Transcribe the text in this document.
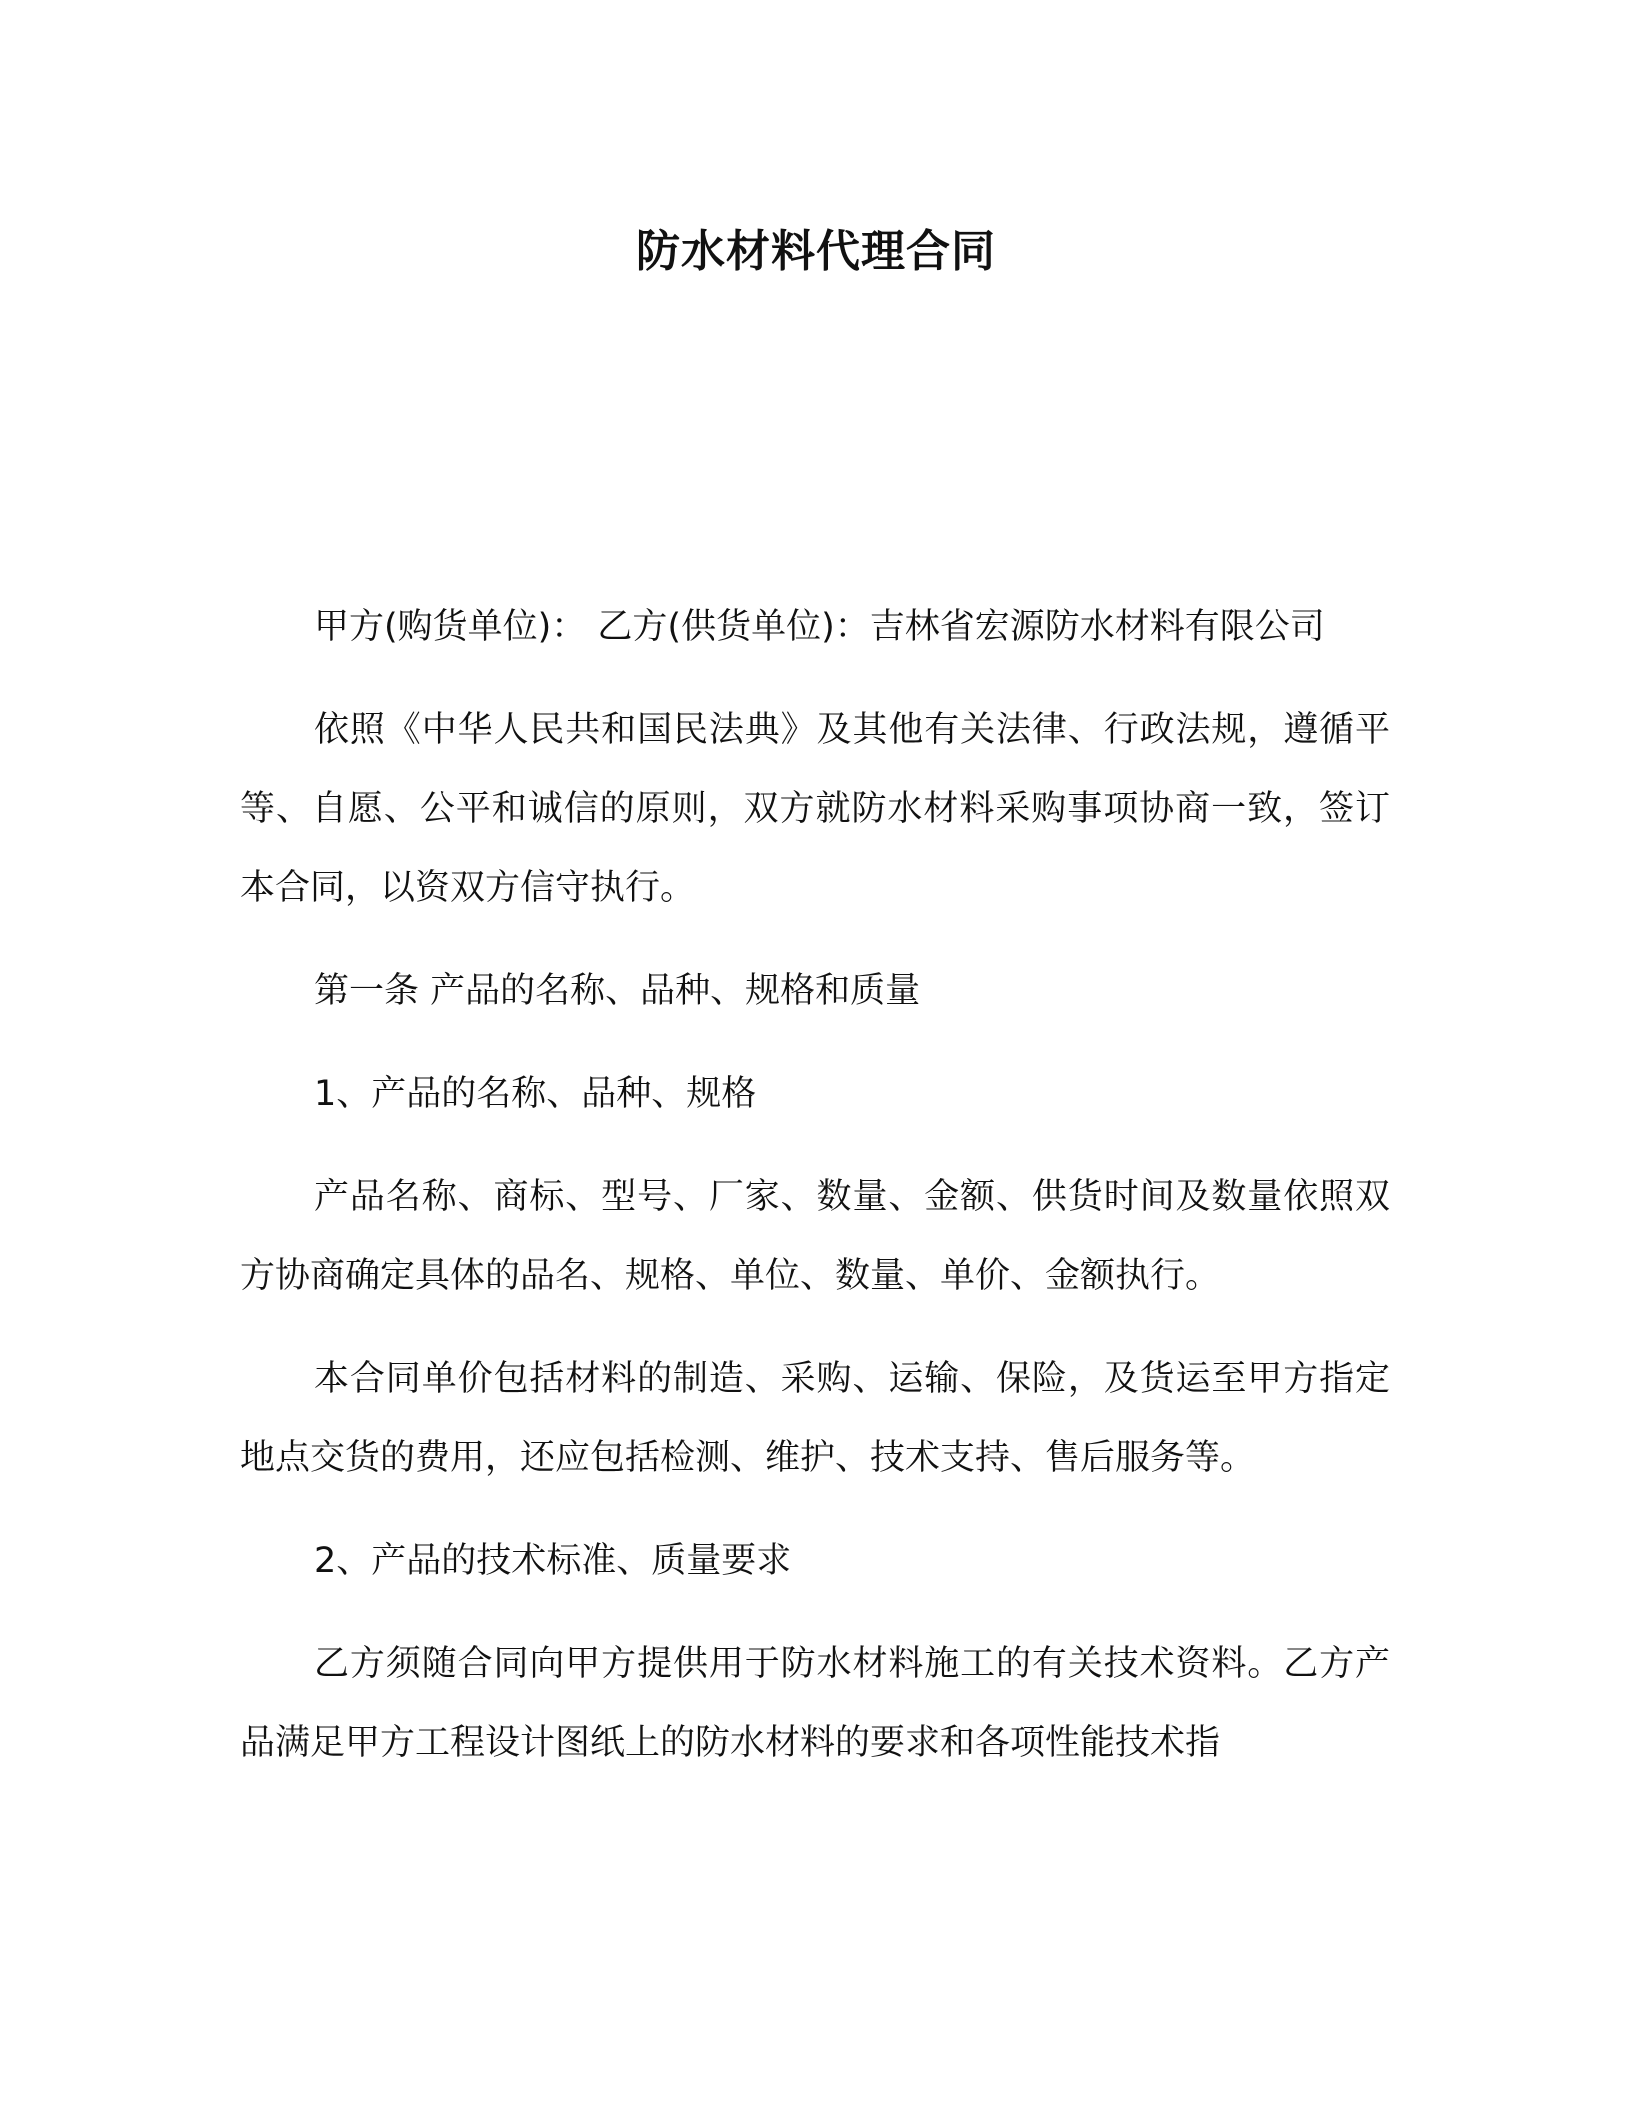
防水材料代理合同

甲方(购货单位)： 乙方(供货单位)：吉林省宏源防水材料有限公司

依照《中华人民共和国民法典》及其他有关法律、行政法规，遵循平等、自愿、公平和诚信的原则，双方就防水材料采购事项协商一致，签订本合同，以资双方信守执行。

第一条 产品的名称、品种、规格和质量

1、产品的名称、品种、规格

产品名称、商标、型号、厂家、数量、金额、供货时间及数量依照双方协商确定具体的品名、规格、单位、数量、单价、金额执行。

本合同单价包括材料的制造、采购、运输、保险，及货运至甲方指定地点交货的费用，还应包括检测、维护、技术支持、售后服务等。

2、产品的技术标准、质量要求

乙方须随合同向甲方提供用于防水材料施工的有关技术资料。乙方产品满足甲方工程设计图纸上的防水材料的要求和各项性能技术指
